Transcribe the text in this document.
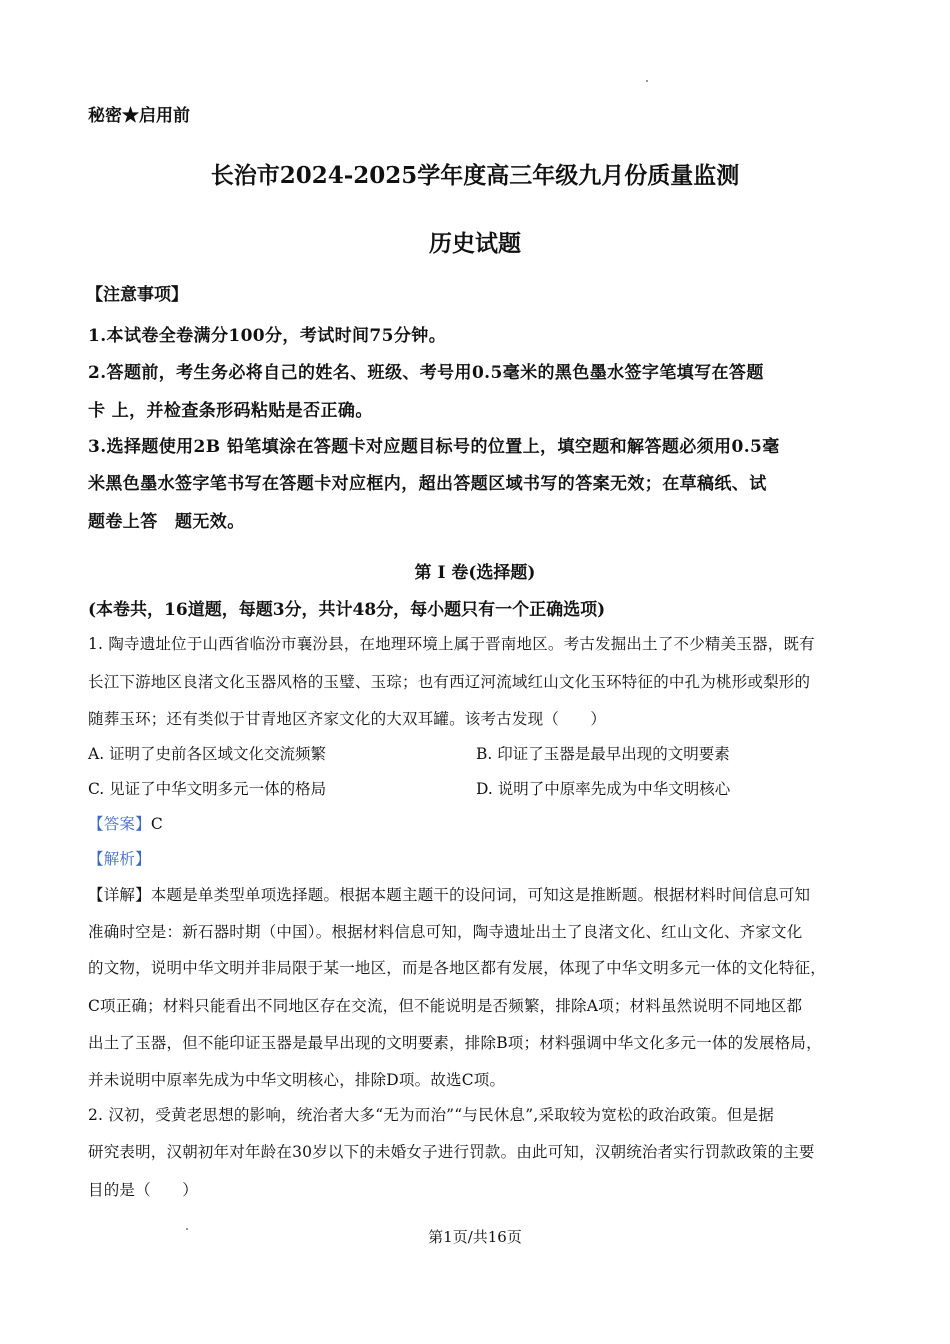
秘密★启用前
长治市2024-2025学年度高三年级九月份质量监测
历史试题
【注意事项】
1.本试卷全卷满分100分，考试时间75分钟。
2.答题前，考生务必将自己的姓名、班级、考号用0.5毫米的黑色墨水签字笔填写在答题
卡 上，并检查条形码粘贴是否正确。
3.选择题使用2B 铅笔填涂在答题卡对应题目标号的位置上，填空题和解答题必须用0.5毫
米黑色墨水签字笔书写在答题卡对应框内，超出答题区域书写的答案无效；在草稿纸、试
题卷上答　题无效。
第 I 卷(选择题)
(本卷共，16道题，每题3分，共计48分，每小题只有一个正确选项)
1. 陶寺遗址位于山西省临汾市襄汾县，在地理环境上属于晋南地区。考古发掘出土了不少精美玉器，既有
长江下游地区良渚文化玉器风格的玉璧、玉琮；也有西辽河流域红山文化玉环特征的中孔为桃形或梨形的
随葬玉环；还有类似于甘青地区齐家文化的大双耳罐。该考古发现（　　）
A. 证明了史前各区域文化交流频繁	B. 印证了玉器是最早出现的文明要素
C. 见证了中华文明多元一体的格局	D. 说明了中原率先成为中华文明核心
【答案】C
【解析】
【详解】本题是单类型单项选择题。根据本题主题干的设问词，可知这是推断题。根据材料时间信息可知
准确时空是：新石器时期（中国）。根据材料信息可知，陶寺遗址出土了良渚文化、红山文化、齐家文化
的文物，说明中华文明并非局限于某一地区，而是各地区都有发展，体现了中华文明多元一体的文化特征，
C项正确；材料只能看出不同地区存在交流，但不能说明是否频繁，排除A项；材料虽然说明不同地区都
出土了玉器，但不能印证玉器是最早出现的文明要素，排除B项；材料强调中华文化多元一体的发展格局，
并未说明中原率先成为中华文明核心，排除D项。故选C项。
2. 汉初，受黄老思想的影响，统治者大多“无为而治”“与民休息”,采取较为宽松的政治政策。但是据
研究表明，汉朝初年对年龄在30岁以下的未婚女子进行罚款。由此可知，汉朝统治者实行罚款政策的主要
目的是（　　）
第1页/共16页
